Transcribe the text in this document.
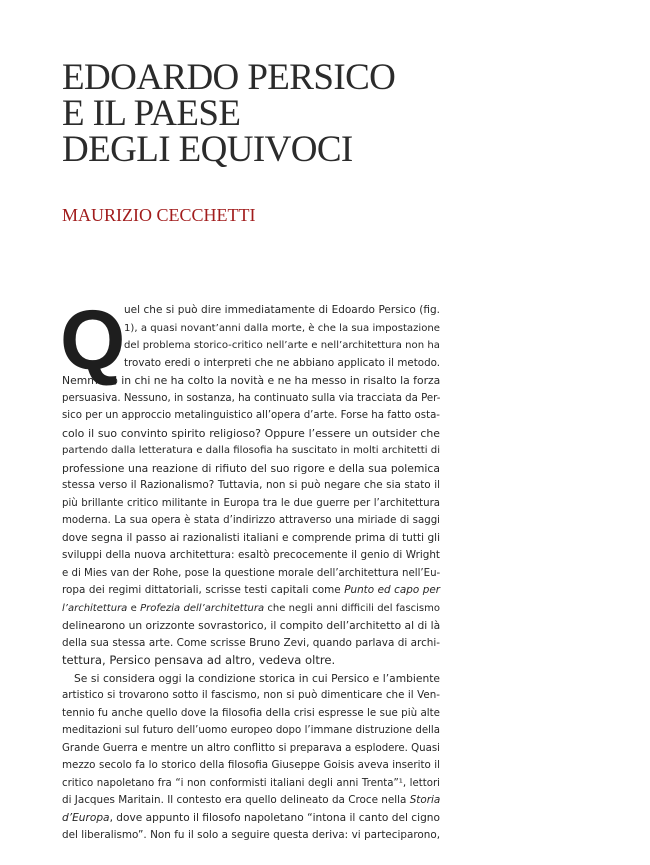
EDOARDO PERSICO
E IL PAESE
DEGLI EQUIVOCI
MAURIZIO CECCHETTI
Q
uel che si può dire immediatamente di Edoardo Persico (fig.
1), a quasi novant’anni dalla morte, è che la sua impostazione
del problema storico-critico nell’arte e nell’architettura non ha
trovato eredi o interpreti che ne abbiano applicato il metodo.
Nemmeno in chi ne ha colto la novità e ne ha messo in risalto la forza
persuasiva. Nessuno, in sostanza, ha continuato sulla via tracciata da Per-
sico per un approccio metalinguistico all’opera d’arte. Forse ha fatto osta-
colo il suo convinto spirito religioso? Oppure l’essere un outsider che
partendo dalla letteratura e dalla filosofia ha suscitato in molti architetti di
professione una reazione di rifiuto del suo rigore e della sua polemica
stessa verso il Razionalismo? Tuttavia, non si può negare che sia stato il
più brillante critico militante in Europa tra le due guerre per l’architettura
moderna. La sua opera è stata d’indirizzo attraverso una miriade di saggi
dove segna il passo ai razionalisti italiani e comprende prima di tutti gli
sviluppi della nuova architettura: esaltò precocemente il genio di Wright
e di Mies van der Rohe, pose la questione morale dell’architettura nell’Eu-
ropa dei regimi dittatoriali, scrisse testi capitali come Punto ed capo per
l’architettura e Profezia dell’architettura che negli anni difficili del fascismo
delinearono un orizzonte sovrastorico, il compito dell’architetto al di là
della sua stessa arte. Come scrisse Bruno Zevi, quando parlava di archi-
tettura, Persico pensava ad altro, vedeva oltre.
Se si considera oggi la condizione storica in cui Persico e l’ambiente
artistico si trovarono sotto il fascismo, non si può dimenticare che il Ven-
tennio fu anche quello dove la filosofia della crisi espresse le sue più alte
meditazioni sul futuro dell’uomo europeo dopo l’immane distruzione della
Grande Guerra e mentre un altro conflitto si preparava a esplodere. Quasi
mezzo secolo fa lo storico della filosofia Giuseppe Goisis aveva inserito il
critico napoletano fra “i non conformisti italiani degli anni Trenta”¹, lettori
di Jacques Maritain. Il contesto era quello delineato da Croce nella Storia
d’Europa, dove appunto il filosofo napoletano “intona il canto del cigno
del liberalismo”. Non fu il solo a seguire questa deriva: vi parteciparono,
